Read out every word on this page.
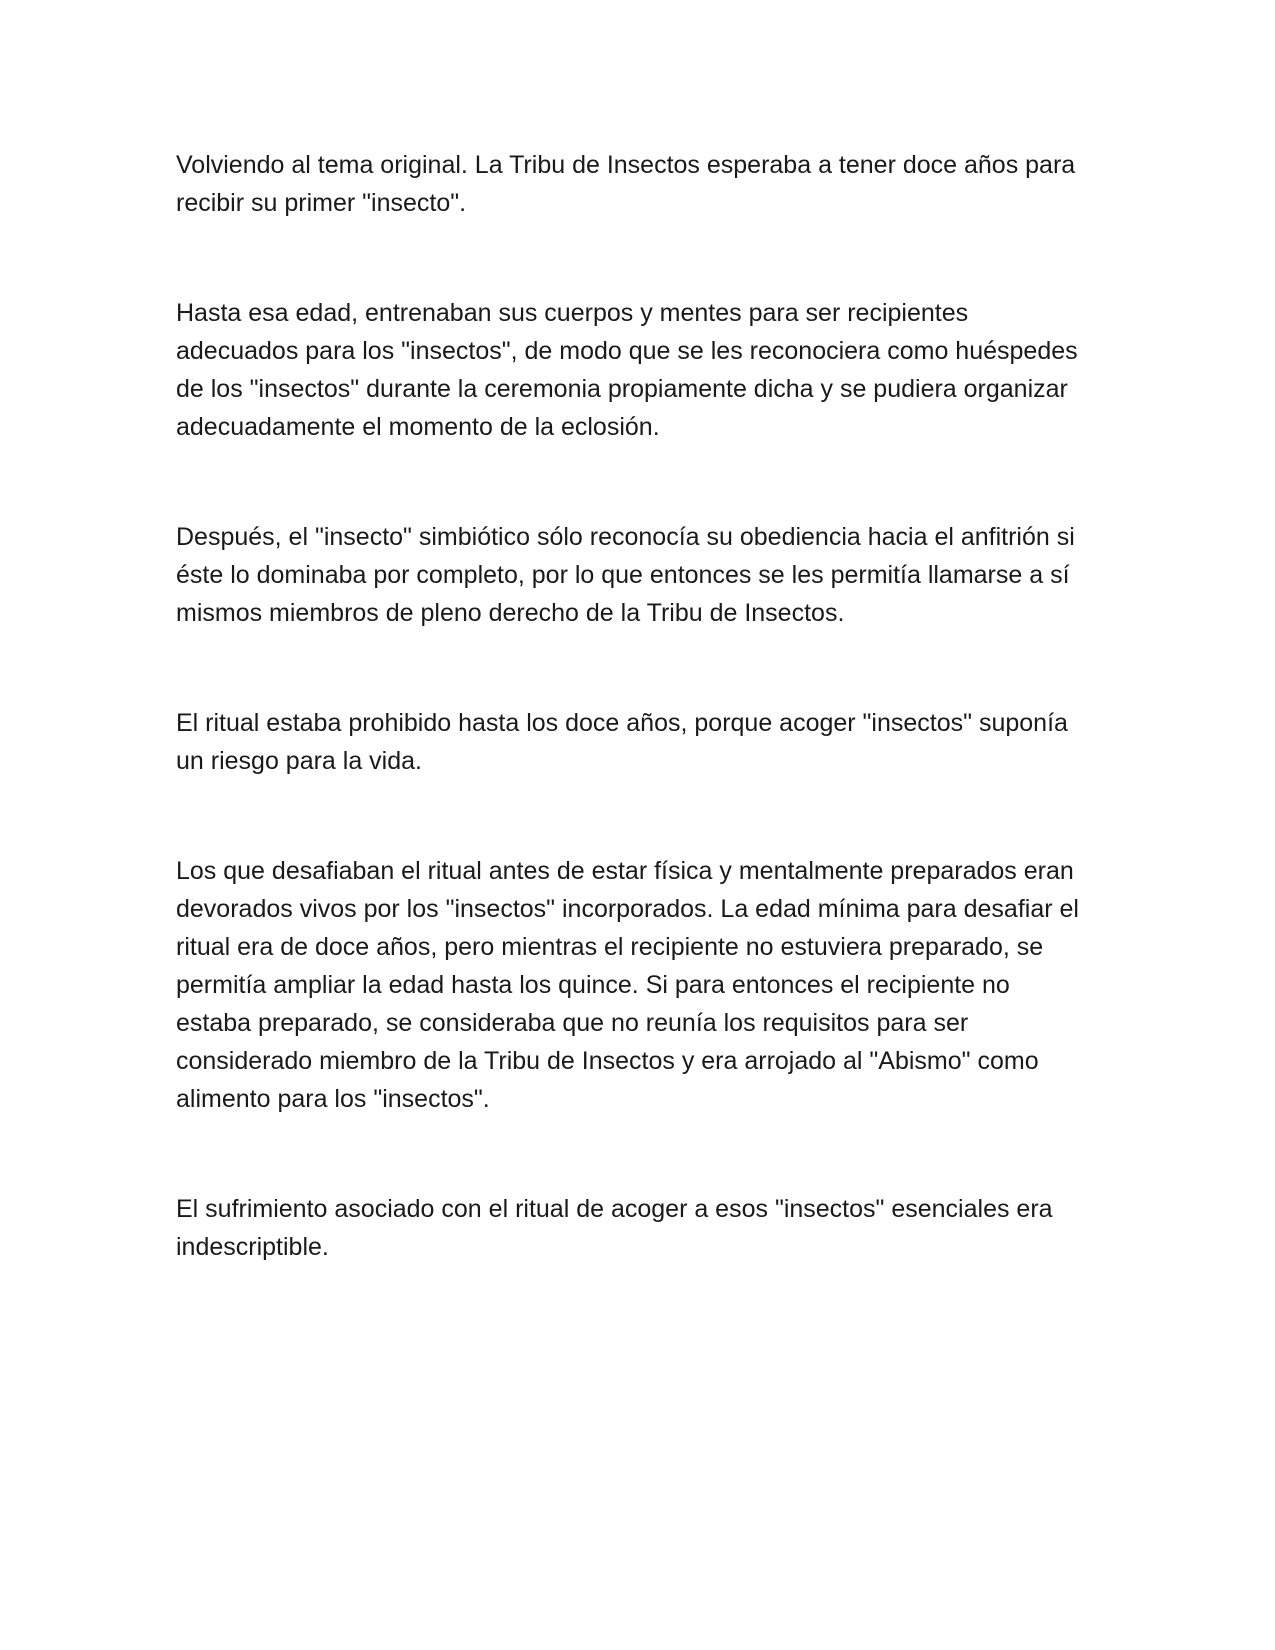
Volviendo al tema original. La Tribu de Insectos esperaba a tener doce años para recibir su primer "insecto".

Hasta esa edad, entrenaban sus cuerpos y mentes para ser recipientes adecuados para los "insectos", de modo que se les reconociera como huéspedes de los "insectos" durante la ceremonia propiamente dicha y se pudiera organizar adecuadamente el momento de la eclosión.

Después, el "insecto" simbiótico sólo reconocía su obediencia hacia el anfitrión si éste lo dominaba por completo, por lo que entonces se les permitía llamarse a sí mismos miembros de pleno derecho de la Tribu de Insectos.

El ritual estaba prohibido hasta los doce años, porque acoger "insectos" suponía un riesgo para la vida.

Los que desafiaban el ritual antes de estar física y mentalmente preparados eran devorados vivos por los "insectos" incorporados. La edad mínima para desafiar el ritual era de doce años, pero mientras el recipiente no estuviera preparado, se permitía ampliar la edad hasta los quince. Si para entonces el recipiente no estaba preparado, se consideraba que no reunía los requisitos para ser considerado miembro de la Tribu de Insectos y era arrojado al "Abismo" como alimento para los "insectos".

El sufrimiento asociado con el ritual de acoger a esos "insectos" esenciales era indescriptible.
